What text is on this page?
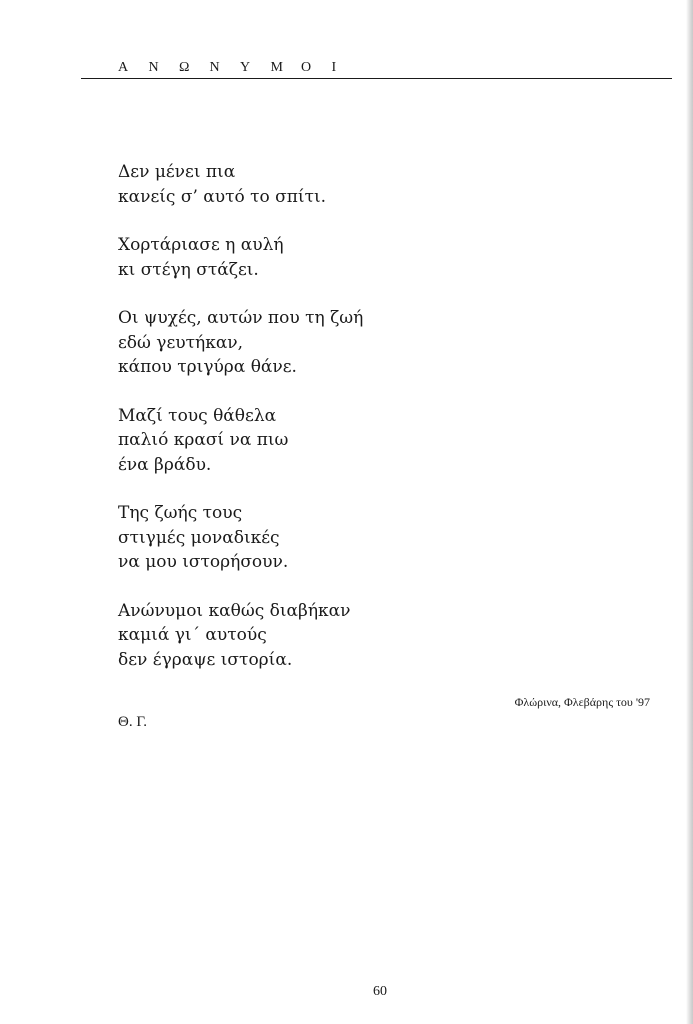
Α Ν Ω Ν Υ Μ Ο Ι
Δεν μένει πια
κανείς σ’ αυτό το σπίτι.
Χορτάριασε η αυλή
κι στέγη στάζει.
Οι ψυχές, αυτών που τη ζωή
εδώ γευτήκαν,
κάπου τριγύρα θάνε.
Μαζί τους θάθελα
παλιό κρασί να πιω
ένα βράδυ.
Της ζωής τους
στιγμές μοναδικές
να μου ιστορήσουν.
Ανώνυμοι καθώς διαβήκαν
καμιά γι΄ αυτούς
δεν έγραψε ιστορία.
Φλώρινα, Φλεβάρης του '97
Θ. Γ.
60
